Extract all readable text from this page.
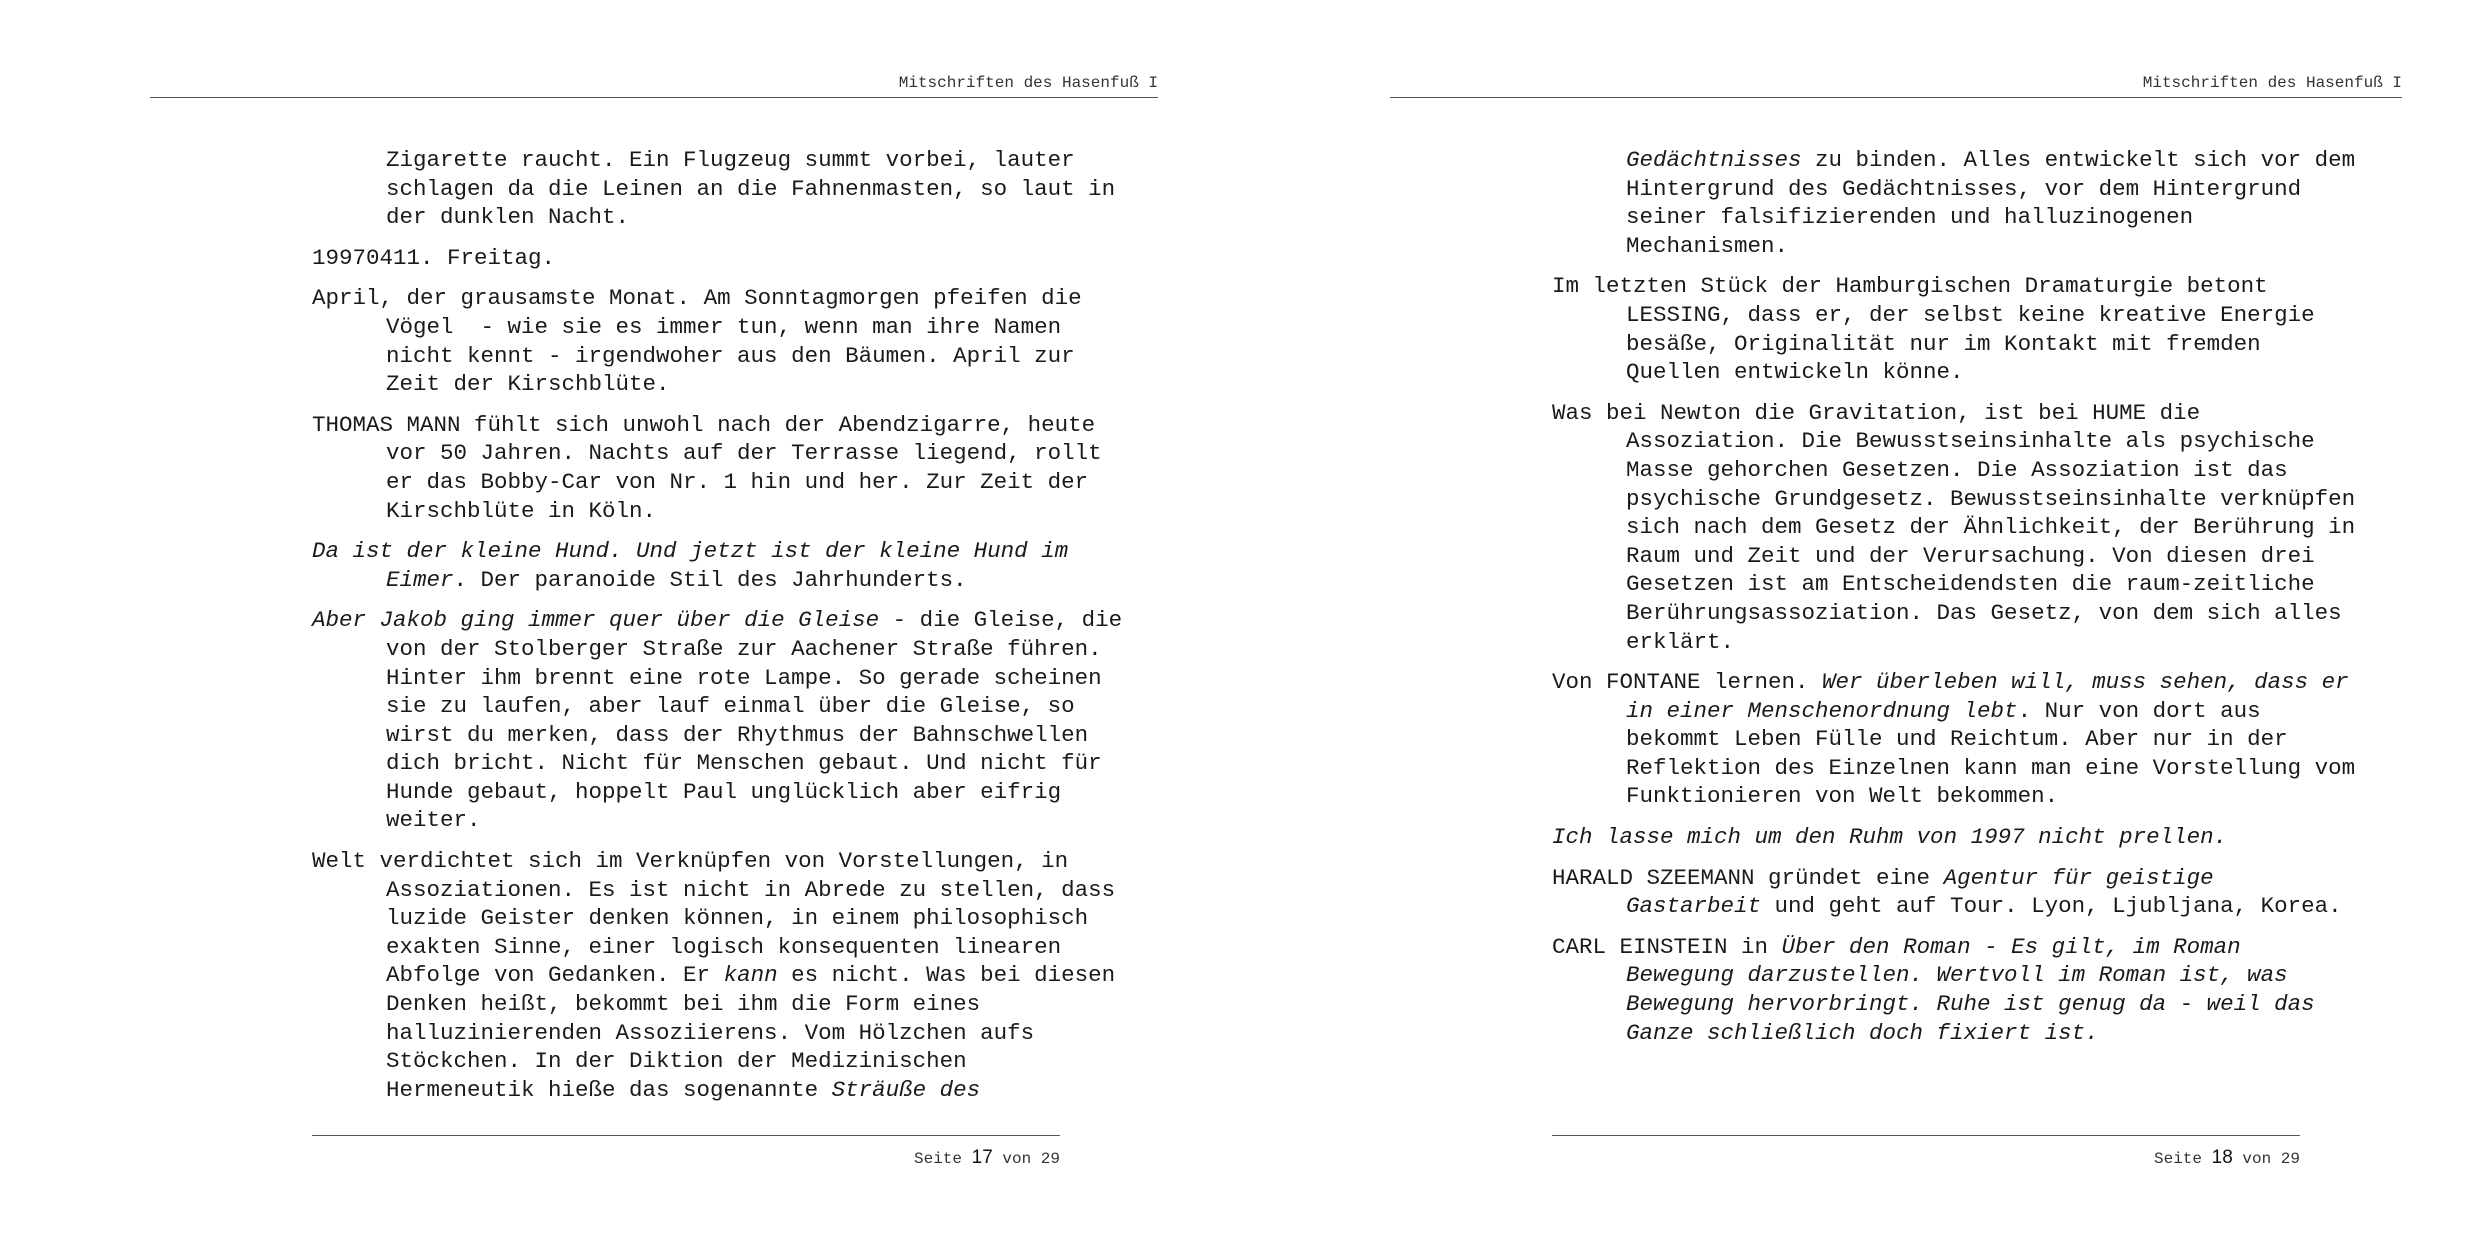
Mitschriften des Hasenfuß I

Zigarette raucht. Ein Flugzeug summt vorbei, lauter
schlagen da die Leinen an die Fahnenmasten, so laut in
der dunklen Nacht.

19970411. Freitag.

April, der grausamste Monat. Am Sonntagmorgen pfeifen die
Vögel  - wie sie es immer tun, wenn man ihre Namen
nicht kennt - irgendwoher aus den Bäumen. April zur
Zeit der Kirschblüte.

THOMAS MANN fühlt sich unwohl nach der Abendzigarre, heute
vor 50 Jahren. Nachts auf der Terrasse liegend, rollt
er das Bobby-Car von Nr. 1 hin und her. Zur Zeit der
Kirschblüte in Köln.

Da ist der kleine Hund. Und jetzt ist der kleine Hund im
Eimer. Der paranoide Stil des Jahrhunderts.

Aber Jakob ging immer quer über die Gleise - die Gleise, die
von der Stolberger Straße zur Aachener Straße führen.
Hinter ihm brennt eine rote Lampe. So gerade scheinen
sie zu laufen, aber lauf einmal über die Gleise, so
wirst du merken, dass der Rhythmus der Bahnschwellen
dich bricht. Nicht für Menschen gebaut. Und nicht für
Hunde gebaut, hoppelt Paul unglücklich aber eifrig
weiter.

Welt verdichtet sich im Verknüpfen von Vorstellungen, in
Assoziationen. Es ist nicht in Abrede zu stellen, dass
luzide Geister denken können, in einem philosophisch
exakten Sinne, einer logisch konsequenten linearen
Abfolge von Gedanken. Er kann es nicht. Was bei diesen
Denken heißt, bekommt bei ihm die Form eines
halluzinierenden Assoziierens. Vom Hölzchen aufs
Stöckchen. In der Diktion der Medizinischen
Hermeneutik hieße das sogenannte Sträuße des

Seite 17 von 29
Mitschriften des Hasenfuß I

Gedächtnisses zu binden. Alles entwickelt sich vor dem
Hintergrund des Gedächtnisses, vor dem Hintergrund
seiner falsifizierenden und halluzinogenen
Mechanismen.

Im letzten Stück der Hamburgischen Dramaturgie betont
LESSING, dass er, der selbst keine kreative Energie
besäße, Originalität nur im Kontakt mit fremden
Quellen entwickeln könne.

Was bei Newton die Gravitation, ist bei HUME die
Assoziation. Die Bewusstseinsinhalte als psychische
Masse gehorchen Gesetzen. Die Assoziation ist das
psychische Grundgesetz. Bewusstseinsinhalte verknüpfen
sich nach dem Gesetz der Ähnlichkeit, der Berührung in
Raum und Zeit und der Verursachung. Von diesen drei
Gesetzen ist am Entscheidendsten die raum-zeitliche
Berührungsassoziation. Das Gesetz, von dem sich alles
erklärt.

Von FONTANE lernen. Wer überleben will, muss sehen, dass er
in einer Menschenordnung lebt. Nur von dort aus
bekommt Leben Fülle und Reichtum. Aber nur in der
Reflektion des Einzelnen kann man eine Vorstellung vom
Funktionieren von Welt bekommen.

Ich lasse mich um den Ruhm von 1997 nicht prellen.

HARALD SZEEMANN gründet eine Agentur für geistige
Gastarbeit und geht auf Tour. Lyon, Ljubljana, Korea.

CARL EINSTEIN in Über den Roman - Es gilt, im Roman
Bewegung darzustellen. Wertvoll im Roman ist, was
Bewegung hervorbringt. Ruhe ist genug da - weil das
Ganze schließlich doch fixiert ist.

Seite 18 von 29
